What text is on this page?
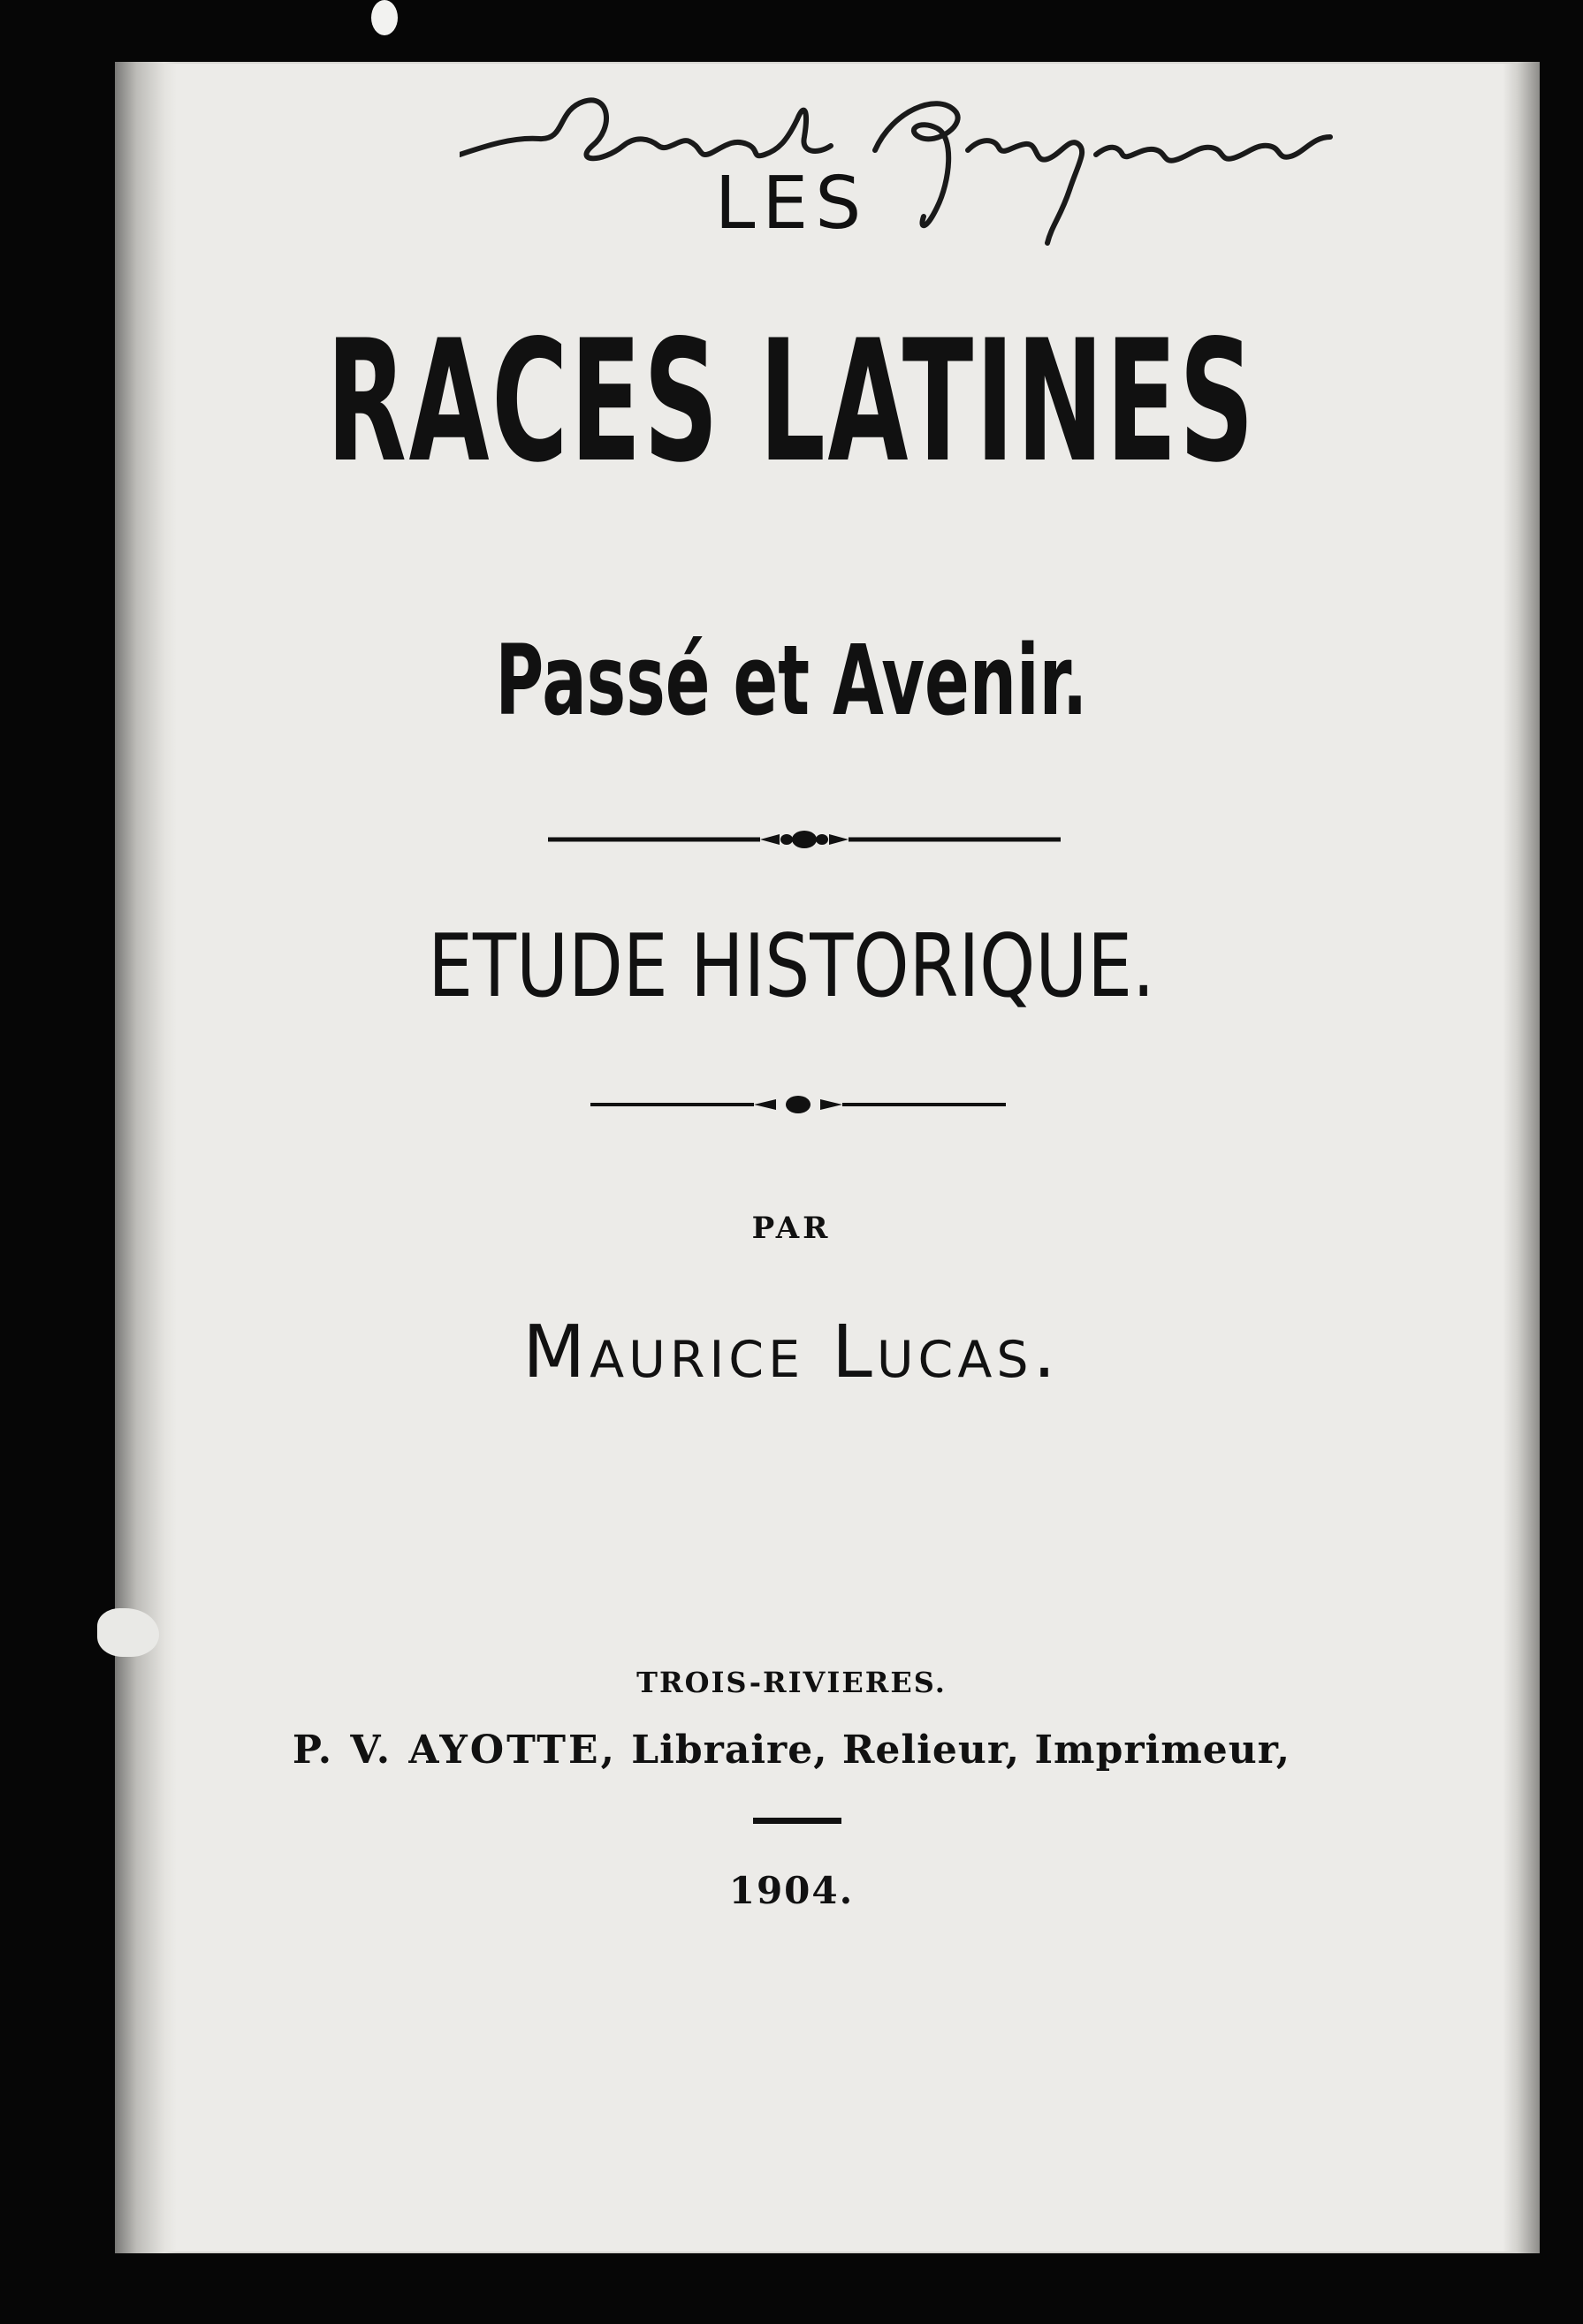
LES
RACES LATINES
Passé et Avenir.
ETUDE HISTORIQUE.
PAR
Maurice Lucas.
TROIS-RIVIERES.
P. V. AYOTTE, Libraire, Relieur, Imprimeur,
1904.
